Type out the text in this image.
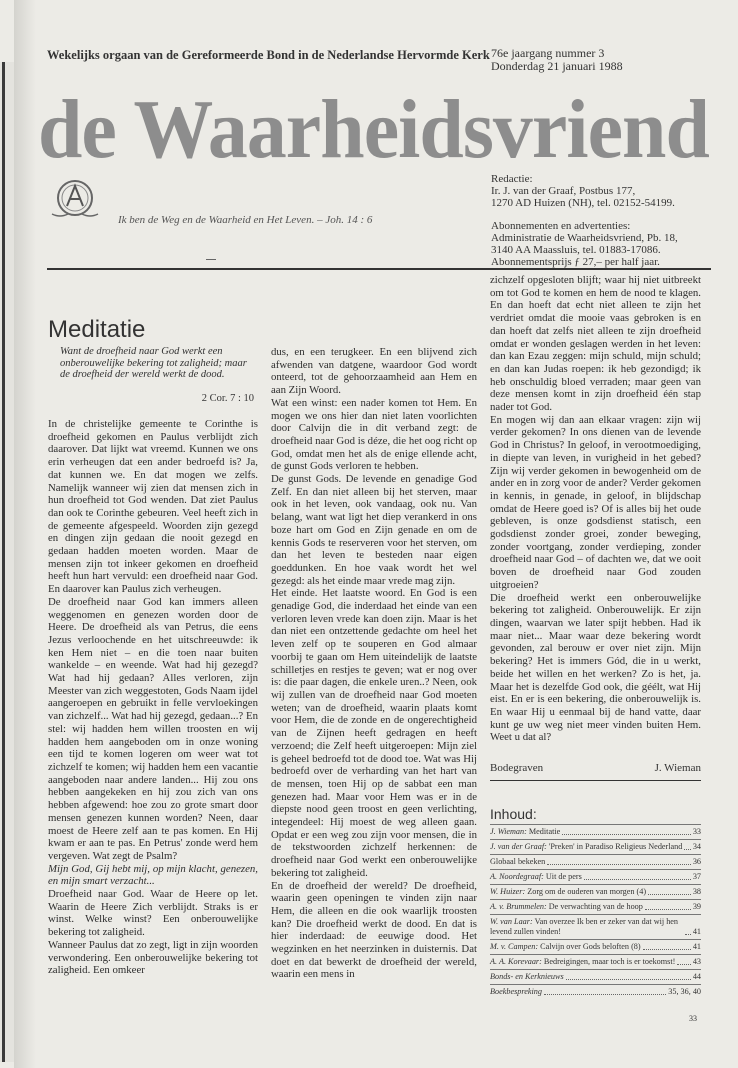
Wekelijks orgaan van de Gereformeerde Bond in de Nederlandse Hervormde Kerk 76e jaargang nummer 3
Donderdag 21 januari 1988
de Waarheidsvriend
Ik ben de Weg en de Waarheid en Het Leven. – Joh. 14 : 6
Redactie:
Ir. J. van der Graaf, Postbus 177,
1270 AD Huizen (NH), tel. 02152-54199.
Abonnementen en advertenties:
Administratie de Waarheidsvriend, Pb. 18,
3140 AA Maassluis, tel. 01883-17086.
Abonnementsprijs ƒ 27,– per half jaar.
Meditatie
Want de droefheid naar God werkt een onberouwelijke bekering tot zaligheid; maar de droefheid der wereld werkt de dood.
2 Cor. 7 : 10

In de christelijke gemeente te Corinthe is droefheid gekomen en Paulus verblijdt zich daarover. Dat lijkt wat vreemd. Kunnen we ons erin verheugen dat een ander bedroefd is? Ja, dat kunnen we. En dat mogen we zelfs. Namelijk wanneer wij zien dat mensen zich in hun droefheid tot God wenden. Dat ziet Paulus dan ook te Corinthe gebeuren. Veel heeft zich in de gemeente afgespeeld. Woorden zijn gezegd en dingen zijn gedaan die nooit gezegd en gedaan hadden moeten worden. Maar de mensen zijn tot inkeer gekomen en droefheid heeft hun hart vervuld: een droefheid naar God. En daarover kan Paulus zich verheugen.

De droefheid naar God kan immers alleen weggenomen en genezen worden door de Heere. De droefheid als van Petrus, die eens Jezus verloochende en het uitschreeuwde: ik ken Hem niet – en die toen naar buiten wankelde – en weende. Wat had hij gezegd? Wat had hij gedaan? Alles verloren, zijn Meester van zich weggestoten, Gods Naam ijdel aangeroepen en gebruikt in felle vervloekingen van zichzelf... Wat had hij gezegd, gedaan...? En stel: wij hadden hem willen troosten en wij hadden hem aangeboden om in onze woning een tijd te komen logeren om weer wat tot zichzelf te komen; wij hadden hem een vacantie aangeboden naar andere landen... Hij zou ons hebben aangekeken en hij zou zich van ons hebben afgewend: hoe zou zo grote smart door mensen genezen kunnen worden? Neen, daar moest de Heere zelf aan te pas komen. En Hij kwam er aan te pas. En Petrus' zonde werd hem vergeven. Wat zegt de Psalm?

Mijn God, Gij hebt mij, op mijn klacht, genezen, en mijn smart verzacht...

Droefheid naar God. Waar de Heere op let. Waarin de Heere Zich verblijdt. Straks is er winst. Welke winst? Een onberouwelijke bekering tot zaligheid.

Wanneer Paulus dat zo zegt, ligt in zijn woorden verwondering. Een onberouwelijke bekering tot zaligheid. Een omkeer

dus, en een terugkeer. En een blijvend zich afwenden van datgene, waardoor God wordt onteerd, tot de gehoorzaamheid aan Hem en aan Zijn Woord.

Wat een winst: een nader komen tot Hem. En mogen we ons hier dan niet laten voorlichten door Calvijn die in dit verband zegt: de droefheid naar God is déze, die het oog richt op God, omdat men het als de enige ellende acht, de gunst Gods verloren te hebben.

De gunst Gods. De levende en genadige God Zelf. En dan niet alleen bij het sterven, maar ook in het leven, ook vandaag, ook nu. Van belang, want wat ligt het diep verankerd in ons boze hart om God en Zijn genade en om de kennis Gods te reserveren voor het sterven, om dan het leven te besteden naar eigen goeddunken. En hoe vaak wordt het wel gezegd: als het einde maar vrede mag zijn.

Het einde. Het laatste woord. En God is een genadige God, die inderdaad het einde van een verloren leven vrede kan doen zijn. Maar is het dan niet een ontzettende gedachte om heel het leven zelf op te souperen en God almaar voorbij te gaan om Hem uiteindelijk de laatste schilletjes en restjes te geven; wat er nog over is: die paar dagen, die enkele uren..? Neen, ook wij zullen van de droefheid naar God moeten weten; van de droefheid, waarin plaats komt voor Hem, die de zonde en de ongerechtigheid van de Zijnen heeft gedragen en heeft verzoend; die Zelf heeft uitgeroepen: Mijn ziel is geheel bedroefd tot de dood toe. Wat was Hij bedroefd over de verharding van het hart van de mensen, toen Hij op de sabbat een man genezen had. Maar voor Hem was er in de diepste nood geen troost en geen verlichting, integendeel: Hij moest de weg alleen gaan. Opdat er een weg zou zijn voor mensen, die in de tekstwoorden zichzelf herkennen: de droefheid naar God werkt een onberouwelijke bekering tot zaligheid.

En de droefheid der wereld? De droefheid, waarin geen openingen te vinden zijn naar Hem, die alleen en die ook waarlijk troosten kan? Die droefheid werkt de dood. En dat is hier inderdaad: de eeuwige dood. Het wegzinken en het neerzinken in duisternis. Dat doet en dat bewerkt de droefheid der wereld, waarin een mens in

zichzelf opgesloten blijft; waar hij niet uitbreekt om tot God te komen en hem de nood te klagen. En dan hoeft dat echt niet alleen te zijn het verdriet omdat die mooie vaas gebroken is en dan hoeft dat zelfs niet alleen te zijn droefheid omdat er wonden geslagen werden in het leven: dan kan Ezau zeggen: mijn schuld, mijn schuld; en dan kan Judas roepen: ik heb gezondigd; ik heb onschuldig bloed verraden; maar geen van deze mensen komt in zijn droefheid één stap nader tot God.

En mogen wij dan aan elkaar vragen: zijn wij verder gekomen? In ons dienen van de levende God in Christus? In geloof, in verootmoediging, in diepte van leven, in vurigheid in het gebed? Zijn wij verder gekomen in bewogenheid om de ander en in zorg voor de ander? Verder gekomen in kennis, in genade, in geloof, in blijdschap omdat de Heere goed is? Of is alles bij het oude gebleven, is onze godsdienst statisch, een godsdienst zonder groei, zonder beweging, zonder voortgang, zonder verdieping, zonder droefheid naar God – of dachten we, dat we ooit boven de droefheid naar God zouden uitgroeien?

Die droefheid werkt een onberouwelijke bekering tot zaligheid. Onberouwelijk. Er zijn dingen, waarvan we later spijt hebben. Had ik maar niet... Maar waar deze bekering wordt gevonden, zal berouw er over niet zijn. Mijn bekering? Het is immers Gód, die in u werkt, beide het willen en het werken? Zo is het, ja. Maar het is dezelfde God ook, die géélt, wat Hij eist. En er is een bekering, die onberouwelijk is. En waar Hij u eenmaal bij de hand vatte, daar kunt ge uw weg niet meer vinden buiten Hem. Weet u dat al?

Bodegraven	J. Wieman
Inhoud:
J. Wieman: Meditatie	33
J. van der Graaf: 'Preken' in Paradiso Religieus Nederland 34
Globaal bekeken	36
A. Noordegraaf: Uit de pers	37
W. Huizer: Zorg om de ouderen van morgen (4)	38
A. v. Brummelen: De verwachting van de hoop	39
W. van Laar: Van overzee Ik ben er zeker van dat wij hen levend zullen vinden!	41
M. v. Campen: Calvijn over Gods beloften (8)	41
A. A. Korevaar: Bedreigingen, maar toch is er toekomst! 43
Bonds- en Kerknieuws	44
Boekbespreking	35, 36, 40
33
